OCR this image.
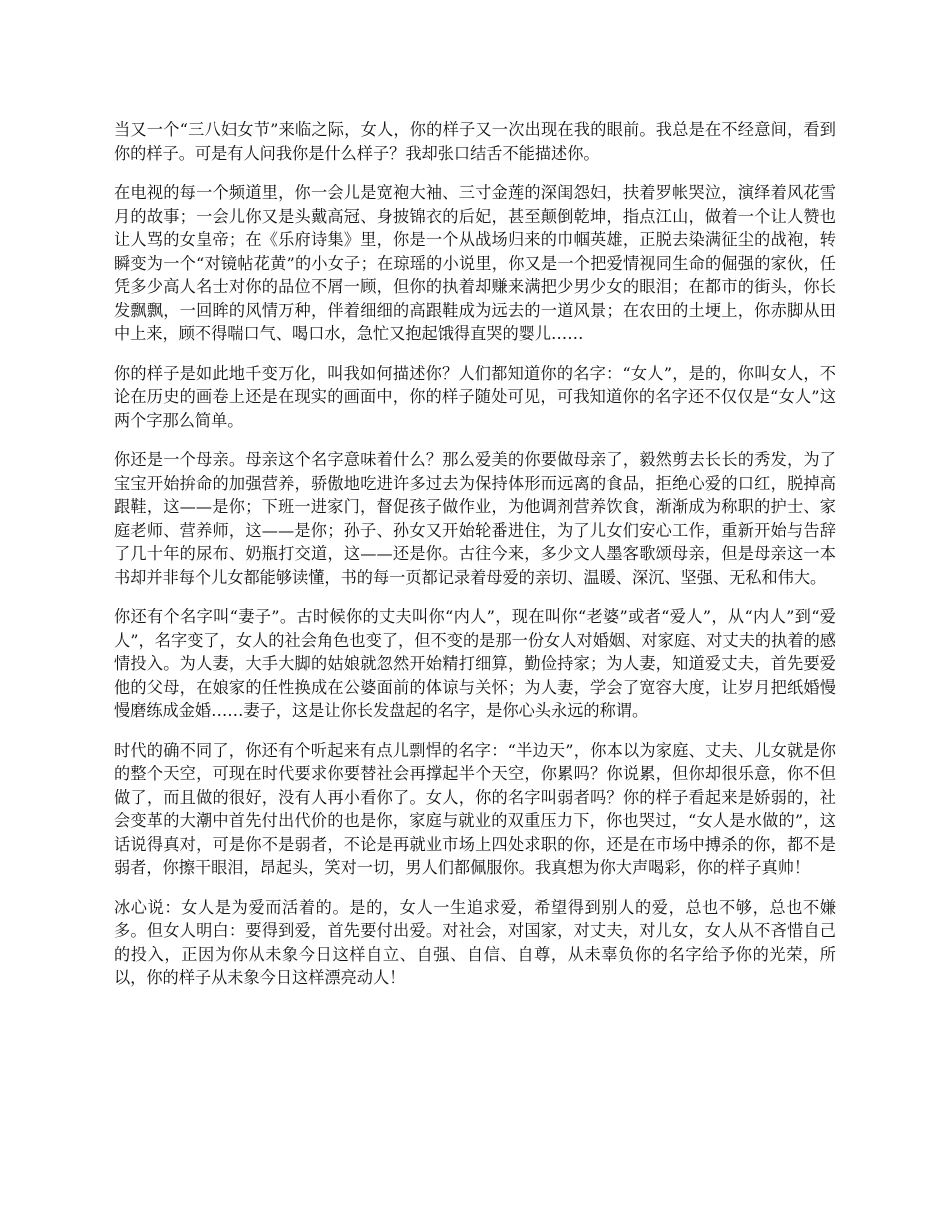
当又一个“三八妇女节”来临之际，女人，你的样子又一次出现在我的眼前。我总是在不经意间，看到你的样子。可是有人问我你是什么样子？我却张口结舌不能描述你。

在电视的每一个频道里，你一会儿是宽袍大袖、三寸金莲的深闺怨妇，扶着罗帐哭泣，演绎着风花雪月的故事；一会儿你又是头戴高冠、身披锦衣的后妃，甚至颠倒乾坤，指点江山，做着一个让人赞也让人骂的女皇帝；在《乐府诗集》里，你是一个从战场归来的巾帼英雄，正脱去染满征尘的战袍，转瞬变为一个“对镜帖花黄”的小女子；在琼瑶的小说里，你又是一个把爱情视同生命的倔强的家伙，任凭多少高人名士对你的品位不屑一顾，但你的执着却赚来满把少男少女的眼泪；在都市的街头，你长发飘飘，一回眸的风情万种，伴着细细的高跟鞋成为远去的一道风景；在农田的土埂上，你赤脚从田中上来，顾不得喘口气、喝口水，急忙又抱起饿得直哭的婴儿……

你的样子是如此地千变万化，叫我如何描述你？人们都知道你的名字：“女人”，是的，你叫女人，不论在历史的画卷上还是在现实的画面中，你的样子随处可见，可我知道你的名字还不仅仅是“女人”这两个字那么简单。

你还是一个母亲。母亲这个名字意味着什么？那么爱美的你要做母亲了，毅然剪去长长的秀发，为了宝宝开始拚命的加强营养，骄傲地吃进许多过去为保持体形而远离的食品，拒绝心爱的口红，脱掉高跟鞋，这——是你；下班一进家门，督促孩子做作业，为他调剂营养饮食，渐渐成为称职的护士、家庭老师、营养师，这——是你；孙子、孙女又开始轮番进住，为了儿女们安心工作，重新开始与告辞了几十年的尿布、奶瓶打交道，这——还是你。古往今来，多少文人墨客歌颂母亲，但是母亲这一本书却并非每个儿女都能够读懂，书的每一页都记录着母爱的亲切、温暖、深沉、坚强、无私和伟大。

你还有个名字叫“妻子”。古时候你的丈夫叫你“内人”，现在叫你“老婆”或者“爱人”，从“内人”到“爱人”，名字变了，女人的社会角色也变了，但不变的是那一份女人对婚姻、对家庭、对丈夫的执着的感情投入。为人妻，大手大脚的姑娘就忽然开始精打细算，勤俭持家；为人妻，知道爱丈夫，首先要爱他的父母，在娘家的任性换成在公婆面前的体谅与关怀；为人妻，学会了宽容大度，让岁月把纸婚慢慢磨练成金婚……妻子，这是让你长发盘起的名字，是你心头永远的称谓。

时代的确不同了，你还有个听起来有点儿剽悍的名字：“半边天”，你本以为家庭、丈夫、儿女就是你的整个天空，可现在时代要求你要替社会再撑起半个天空，你累吗？你说累，但你却很乐意，你不但做了，而且做的很好，没有人再小看你了。女人，你的名字叫弱者吗？你的样子看起来是娇弱的，社会变革的大潮中首先付出代价的也是你，家庭与就业的双重压力下，你也哭过，“女人是水做的”，这话说得真对，可是你不是弱者，不论是再就业市场上四处求职的你，还是在市场中搏杀的你，都不是弱者，你擦干眼泪，昂起头，笑对一切，男人们都佩服你。我真想为你大声喝彩，你的样子真帅！

冰心说：女人是为爱而活着的。是的，女人一生追求爱，希望得到别人的爱，总也不够，总也不嫌多。但女人明白：要得到爱，首先要付出爱。对社会，对国家，对丈夫，对儿女，女人从不吝惜自己的投入，正因为你从未象今日这样自立、自强、自信、自尊，从未辜负你的名字给予你的光荣，所以，你的样子从未象今日这样漂亮动人！
